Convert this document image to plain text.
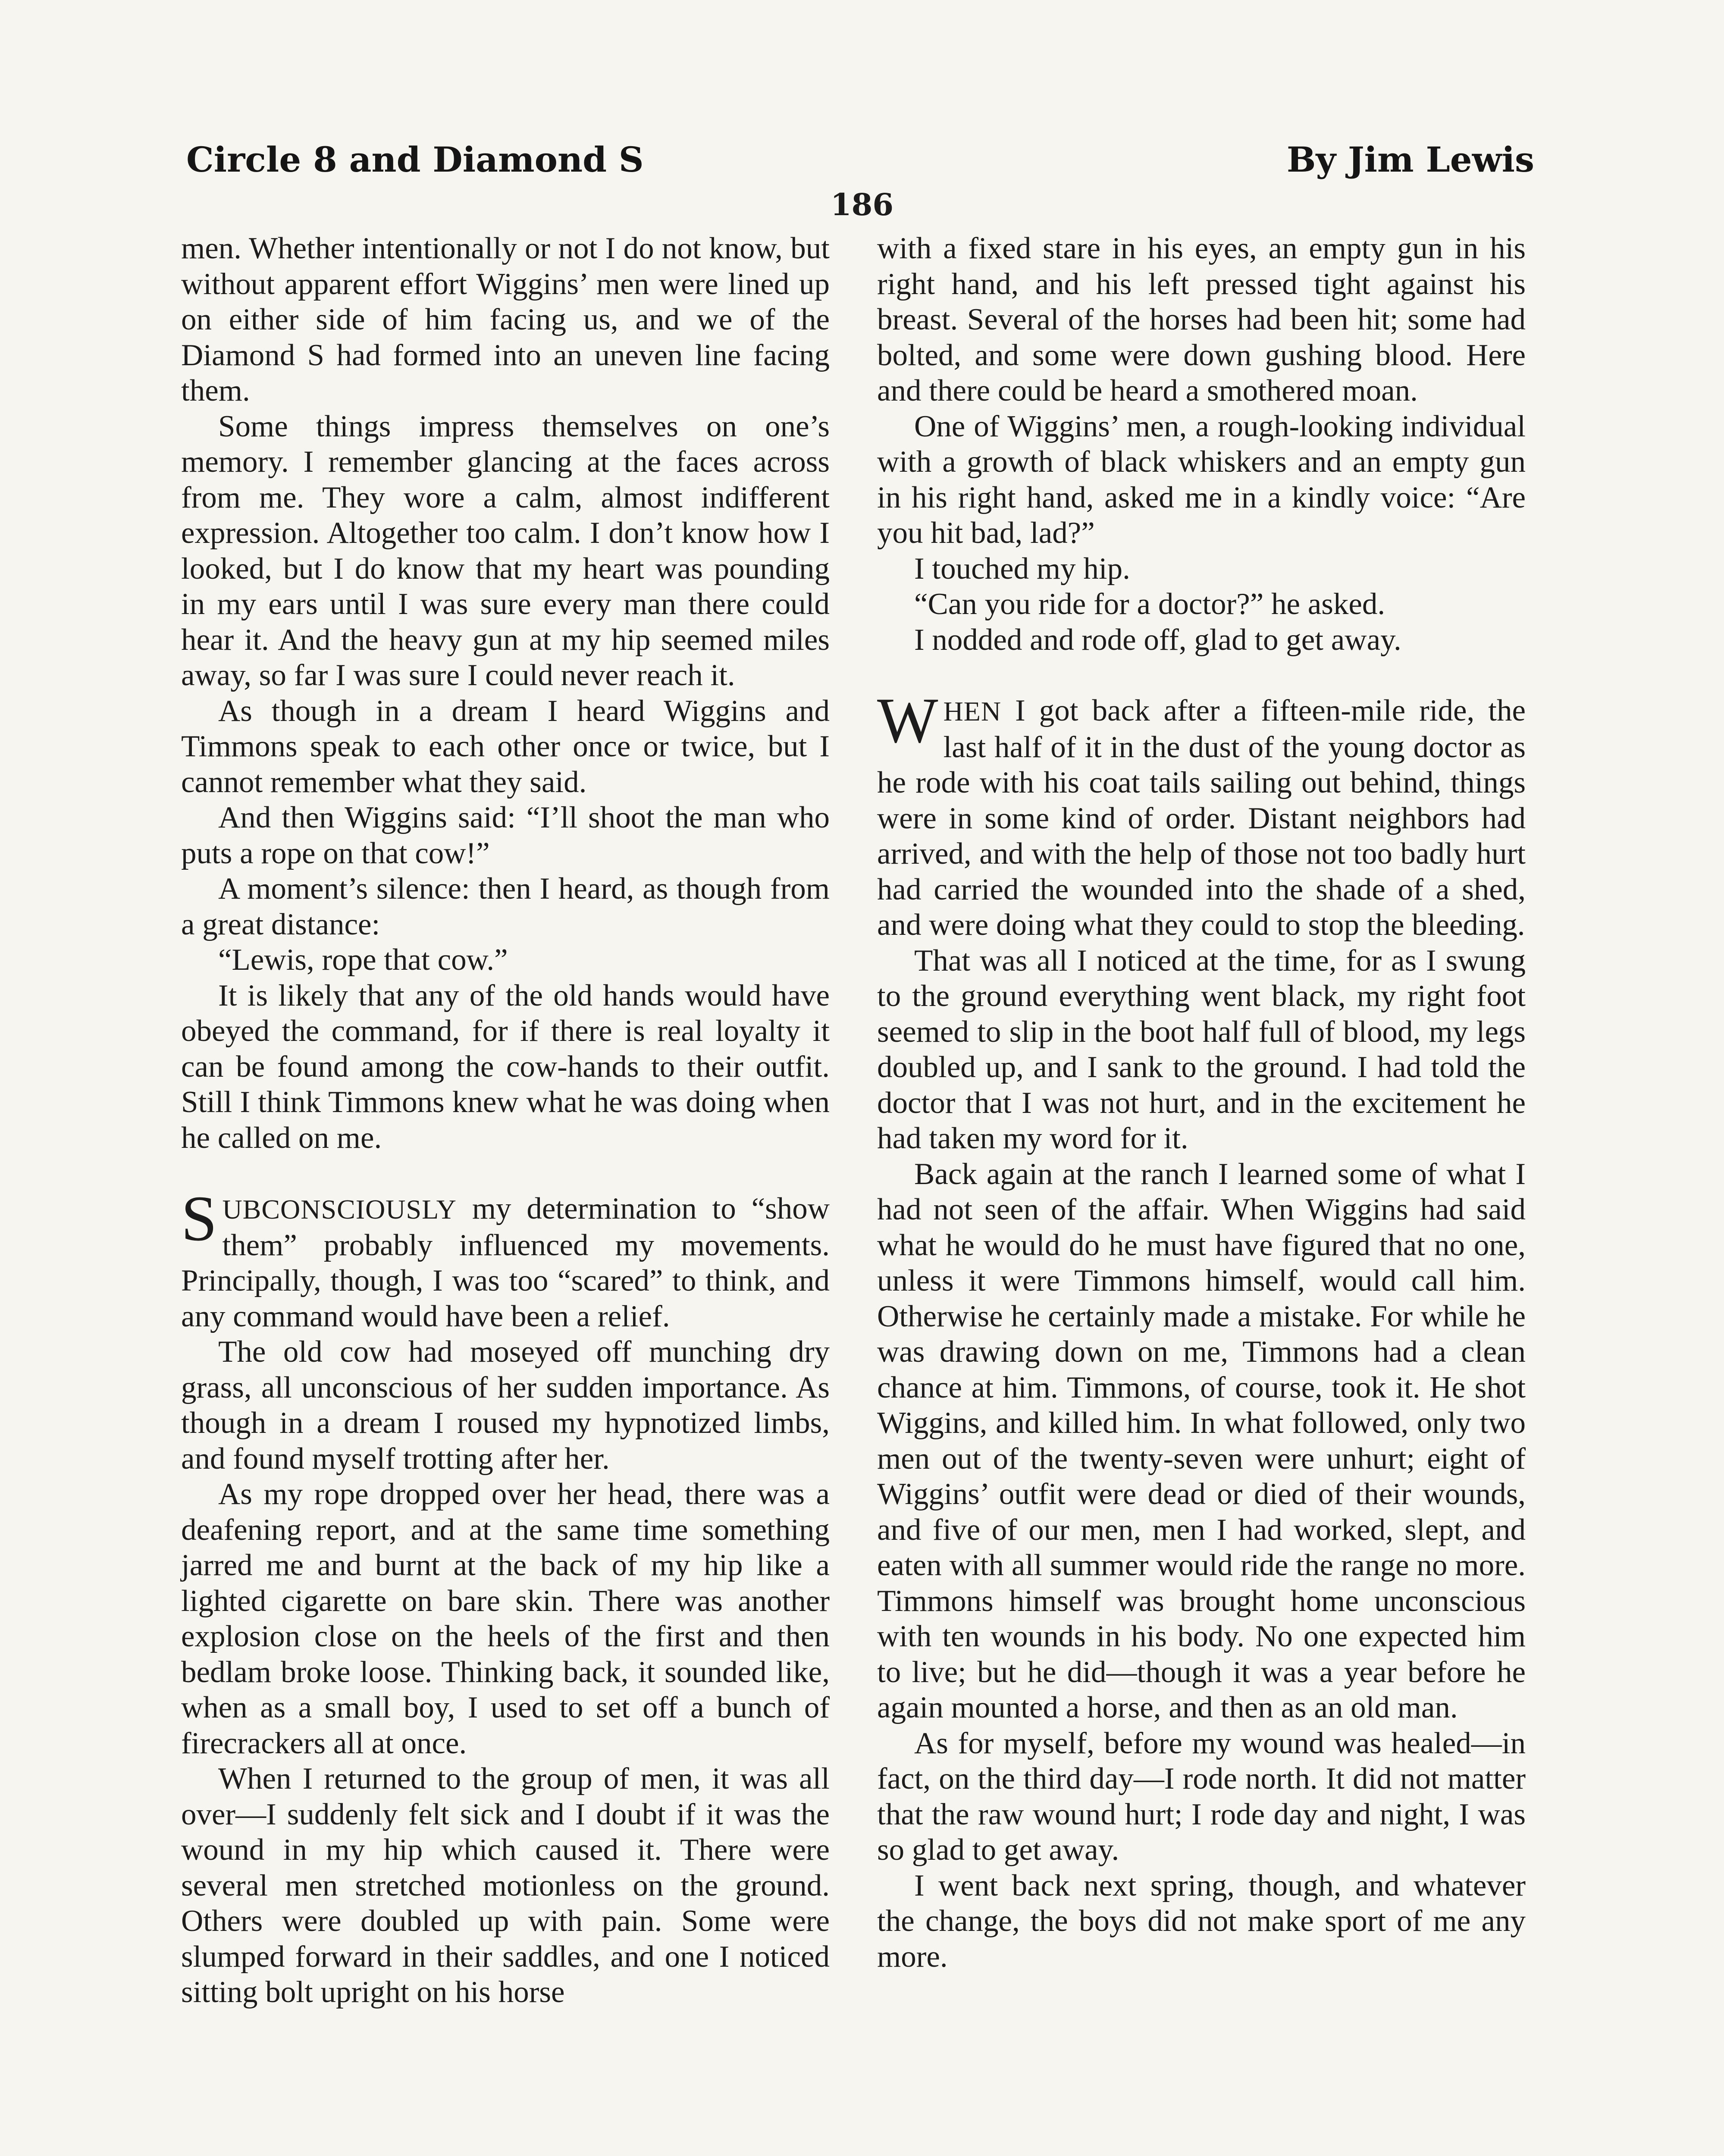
Circle 8 and Diamond S	By Jim Lewis
186

men. Whether intentionally or not I do not know, but without apparent effort Wiggins’ men were lined up on either side of him facing us, and we of the Diamond S had formed into an uneven line facing them.

Some things impress themselves on one’s memory. I remember glancing at the faces across from me. They wore a calm, almost indifferent expression. Altogether too calm. I don’t know how I looked, but I do know that my heart was pounding in my ears until I was sure every man there could hear it. And the heavy gun at my hip seemed miles away, so far I was sure I could never reach it.

As though in a dream I heard Wiggins and Timmons speak to each other once or twice, but I cannot remember what they said.

And then Wiggins said: “I’ll shoot the man who puts a rope on that cow!”

A moment’s silence: then I heard, as though from a great distance:

“Lewis, rope that cow.”

It is likely that any of the old hands would have obeyed the command, for if there is real loyalty it can be found among the cow-hands to their outfit. Still I think Timmons knew what he was doing when he called on me.

SUBCONSCIOUSLY my determination to “show them” probably influenced my movements. Principally, though, I was too “scared” to think, and any command would have been a relief.

The old cow had moseyed off munching dry grass, all unconscious of her sudden importance. As though in a dream I roused my hypnotized limbs, and found myself trotting after her.

As my rope dropped over her head, there was a deafening report, and at the same time something jarred me and burnt at the back of my hip like a lighted cigarette on bare skin. There was another explosion close on the heels of the first and then bedlam broke loose. Thinking back, it sounded like, when as a small boy, I used to set off a bunch of firecrackers all at once.

When I returned to the group of men, it was all over—I suddenly felt sick and I doubt if it was the wound in my hip which caused it. There were several men stretched motionless on the ground. Others were doubled up with pain. Some were slumped forward in their saddles, and one I noticed sitting bolt upright on his horse

with a fixed stare in his eyes, an empty gun in his right hand, and his left pressed tight against his breast. Several of the horses had been hit; some had bolted, and some were down gushing blood. Here and there could be heard a smothered moan.

One of Wiggins’ men, a rough-looking individual with a growth of black whiskers and an empty gun in his right hand, asked me in a kindly voice: “Are you hit bad, lad?”

I touched my hip.

“Can you ride for a doctor?” he asked.

I nodded and rode off, glad to get away.

WHEN I got back after a fifteen-mile ride, the last half of it in the dust of the young doctor as he rode with his coat tails sailing out behind, things were in some kind of order. Distant neighbors had arrived, and with the help of those not too badly hurt had carried the wounded into the shade of a shed, and were doing what they could to stop the bleeding.

That was all I noticed at the time, for as I swung to the ground everything went black, my right foot seemed to slip in the boot half full of blood, my legs doubled up, and I sank to the ground. I had told the doctor that I was not hurt, and in the excitement he had taken my word for it.

Back again at the ranch I learned some of what I had not seen of the affair. When Wiggins had said what he would do he must have figured that no one, unless it were Timmons himself, would call him. Otherwise he certainly made a mistake. For while he was drawing down on me, Timmons had a clean chance at him. Timmons, of course, took it. He shot Wiggins, and killed him. In what followed, only two men out of the twenty-seven were unhurt; eight of Wiggins’ outfit were dead or died of their wounds, and five of our men, men I had worked, slept, and eaten with all summer would ride the range no more. Timmons himself was brought home unconscious with ten wounds in his body. No one expected him to live; but he did—though it was a year before he again mounted a horse, and then as an old man.

As for myself, before my wound was healed—in fact, on the third day—I rode north. It did not matter that the raw wound hurt; I rode day and night, I was so glad to get away.

I went back next spring, though, and whatever the change, the boys did not make sport of me any more.
